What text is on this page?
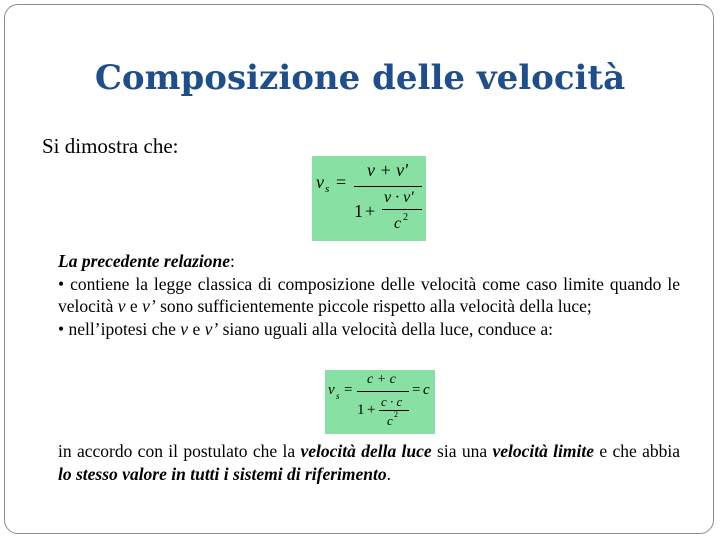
Composizione delle velocità
Si dimostra che:
v s =
v + v'
1 +
v · v'
c 2
La precedente relazione:
• contiene la legge classica di composizione delle velocità come caso limite quando le velocità v e v’ sono sufficientemente piccole rispetto alla velocità della luce;
• nell’ipotesi che v e v’ siano uguali alla velocità della luce, conduce a:
v s =
c + c
1 +
c · c
c 2
= c
in accordo con il postulato che la velocità della luce sia una velocità limite e che abbia lo stesso valore in tutti i sistemi di riferimento.
